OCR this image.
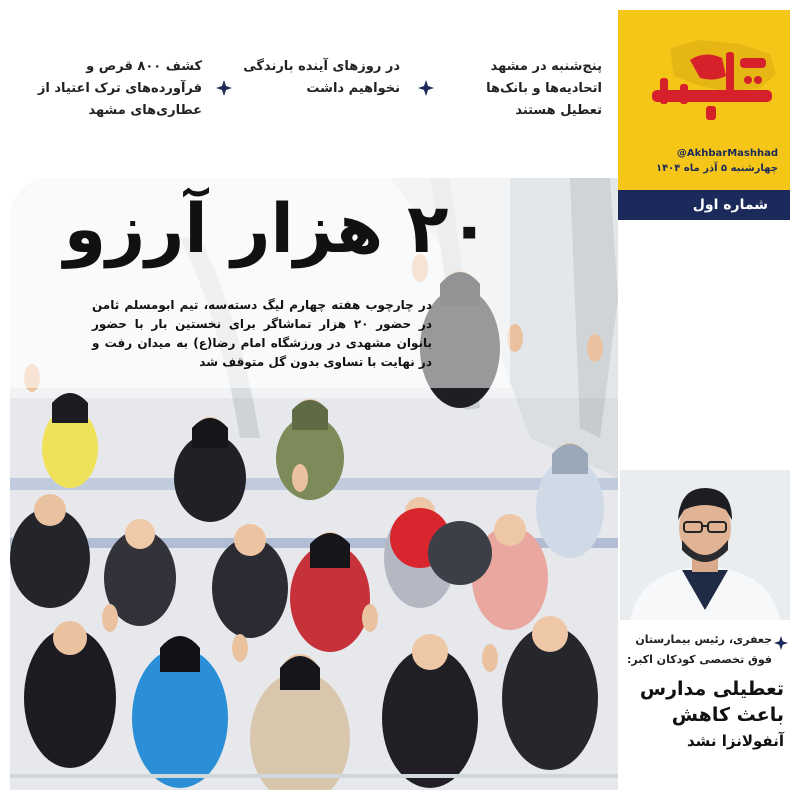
@AkhbarMashhad
چهارشنبه ۵ آذر ماه ۱۴۰۴
شماره اول
پنج‌شنبه در مشهد اتحادیه‌ها و بانک‌ها تعطیل هستند
در روزهای آینده بارندگی نخواهیم داشت
کشف ۸۰۰ قرص و فرآورده‌های ترک اعتیاد از عطاری‌های مشهد
۲۰ هزار آرزو
در چارچوب هفته چهارم لیگ دسته‌سه، تیم ابومسلم ثامن در حضور ۲۰ هزار تماشاگر برای نخستین بار با حضور بانوان مشهدی در ورزشگاه امام رضا(ع) به میدان رفت و در نهایت با تساوی بدون گل متوقف شد
جعفری، رئیس بیمارستان فوق تخصصی کودکان اکبر:
تعطیلی مدارس باعث کاهش
آنفولانزا نشد
